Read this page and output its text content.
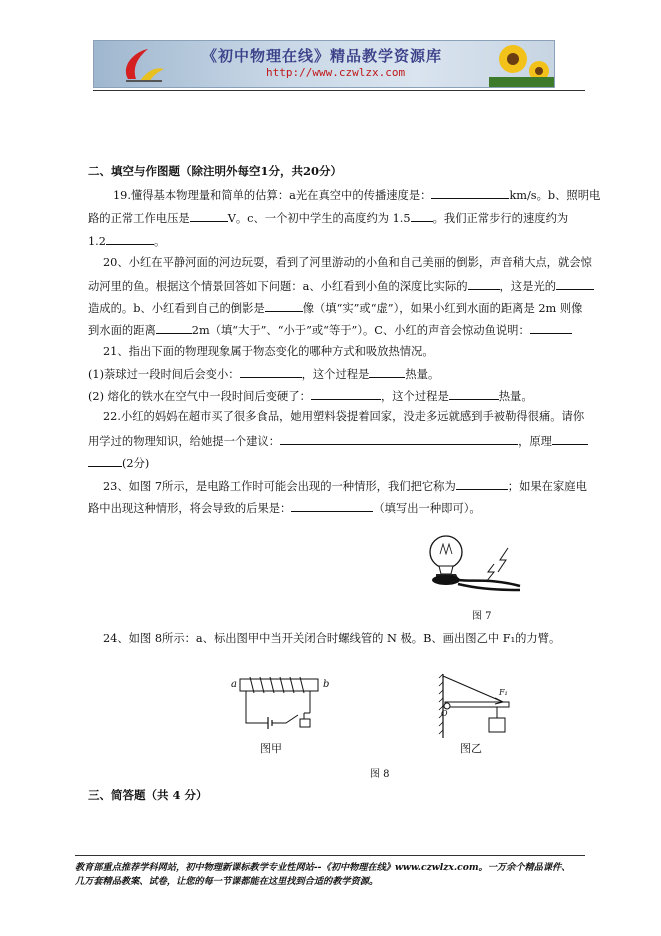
《初中物理在线》精品教学资源库
http://www.czwlzx.com
二、填空与作图题（除注明外每空1分，共20分）
19.懂得基本物理量和简单的估算：a光在真空中的传播速度是：	km/s。b、照明电
路的正常工作电压是	V。c、一个初中学生的高度约为 1.5 。我们正常步行的速度约为
1.2	。
20、小红在平静河面的河边玩耍，看到了河里游动的小鱼和自己美丽的倒影，声音稍大点，就会惊
动河里的鱼。根据这个情景回答如下问题：a、小红看到小鱼的深度比实际的	，这是光的
造成的。b、小红看到自己的倒影是	像（填“实”或“虚”），如果小红到水面的距离是 2m 则像
到水面的距离	2m（填“大于”、“小于”或“等于”）。C、小红的声音会惊动鱼说明：
21、指出下面的物理现象属于物态变化的哪种方式和吸放热情况。
(1)萘球过一段时间后会变小：	，这个过程是	热量。
(2) 熔化的铁水在空气中一段时间后变硬了：	，这个过程是	热量。
22.小红的妈妈在超市买了很多食品，她用塑料袋提着回家，没走多远就感到手被勒得很痛。请你
用学过的物理知识，给她提一个建议：	，原理
(2分)
23、如图 7所示，是电路工作时可能会出现的一种情形，我们把它称为	；如果在家庭电
路中出现这种情形，将会导致的后果是：	（填写出一种即可）。
图 7
24、如图 8所示：a、标出图甲中当开关闭合时螺线管的 N 极。B、画出图乙中 F₁的力臂。
a	b
图甲
F₁
O
图乙
图 8
三、简答题（共 4 分）
教育部重点推荐学科网站，初中物理新课标教学专业性网站--《初中物理在线》www.czwlzx.com。一万余个精品课件、
几万套精品教案、试卷，让您的每一节课都能在这里找到合适的教学资源。
